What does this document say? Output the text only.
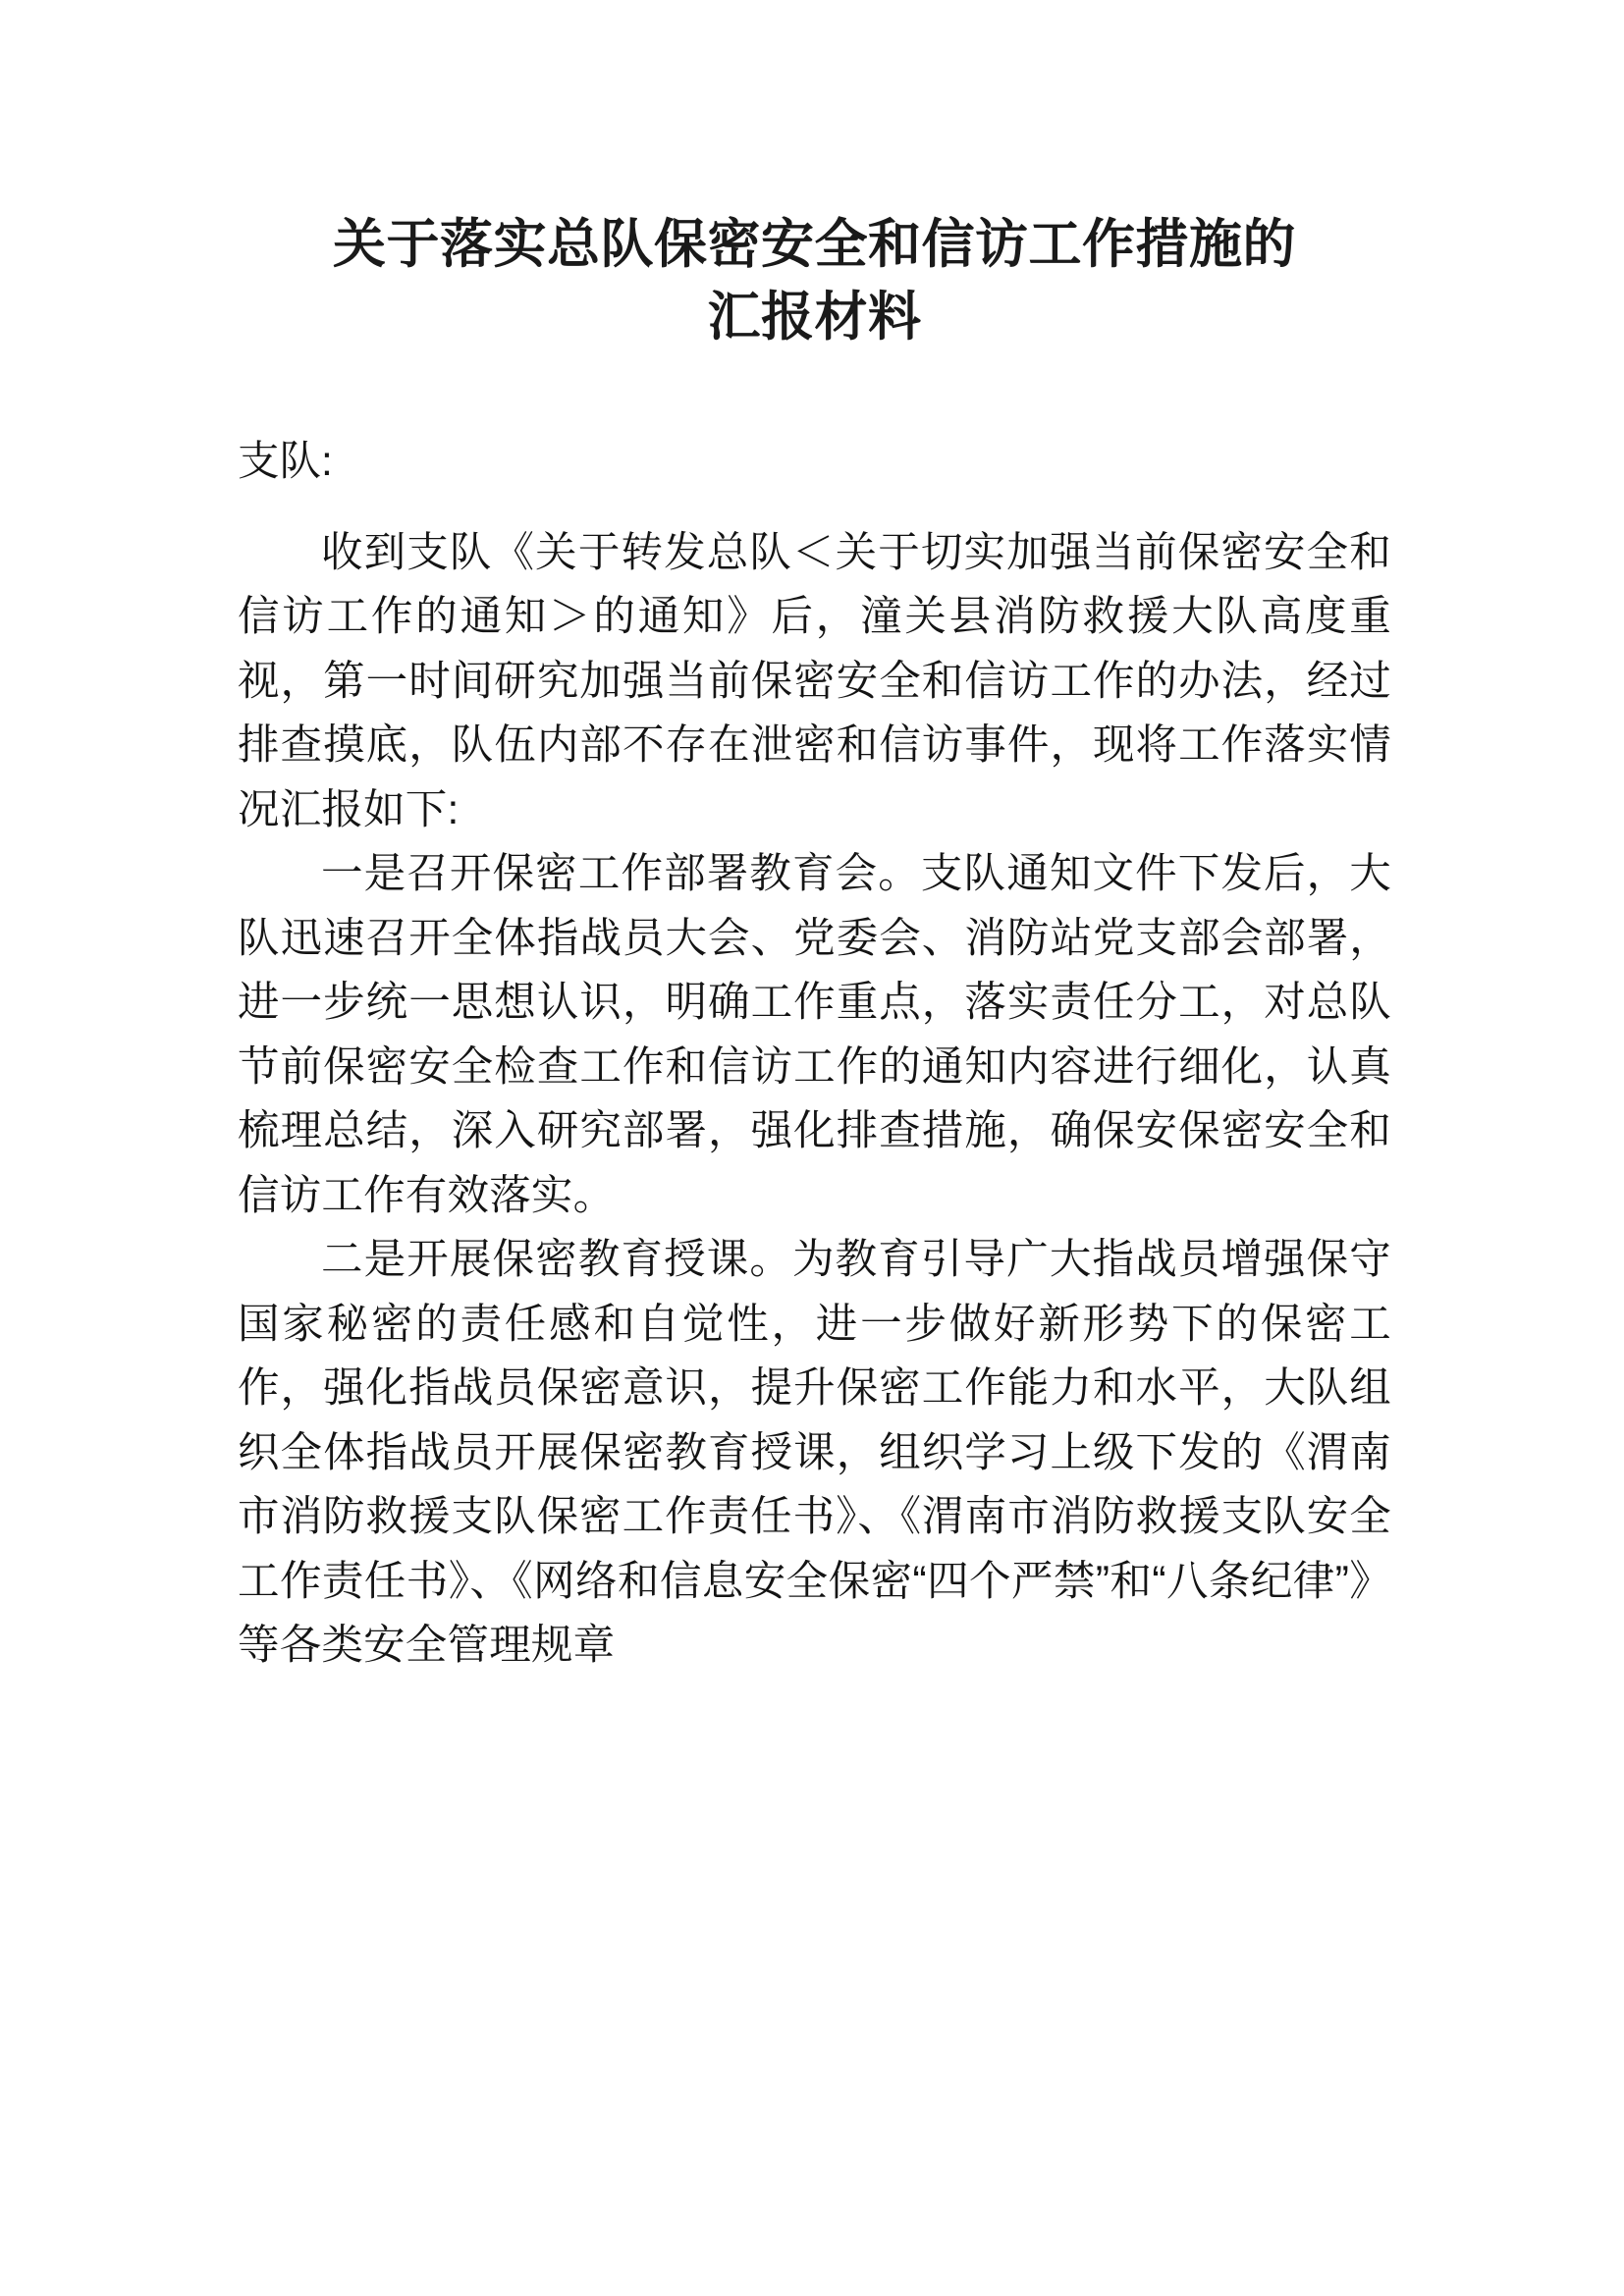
关于落实总队保密安全和信访工作措施的
汇报材料

支队:

收到支队《关于转发总队＜关于切实加强当前保密安全和信访工作的通知＞的通知》后，潼关县消防救援大队高度重视，第一时间研究加强当前保密安全和信访工作的办法，经过排查摸底，队伍内部不存在泄密和信访事件，现将工作落实情况汇报如下:

一是召开保密工作部署教育会。支队通知文件下发后，大队迅速召开全体指战员大会、党委会、消防站党支部会部署，进一步统一思想认识，明确工作重点，落实责任分工，对总队节前保密安全检查工作和信访工作的通知内容进行细化，认真梳理总结，深入研究部署，强化排查措施，确保安保密安全和信访工作有效落实。

二是开展保密教育授课。为教育引导广大指战员增强保守国家秘密的责任感和自觉性，进一步做好新形势下的保密工作，强化指战员保密意识，提升保密工作能力和水平，大队组织全体指战员开展保密教育授课，组织学习上级下发的《渭南市消防救援支队保密工作责任书》、《渭南市消防救援支队安全工作责任书》、《网络和信息安全保密“四个严禁”和“八条纪律”》等各类安全管理规章
